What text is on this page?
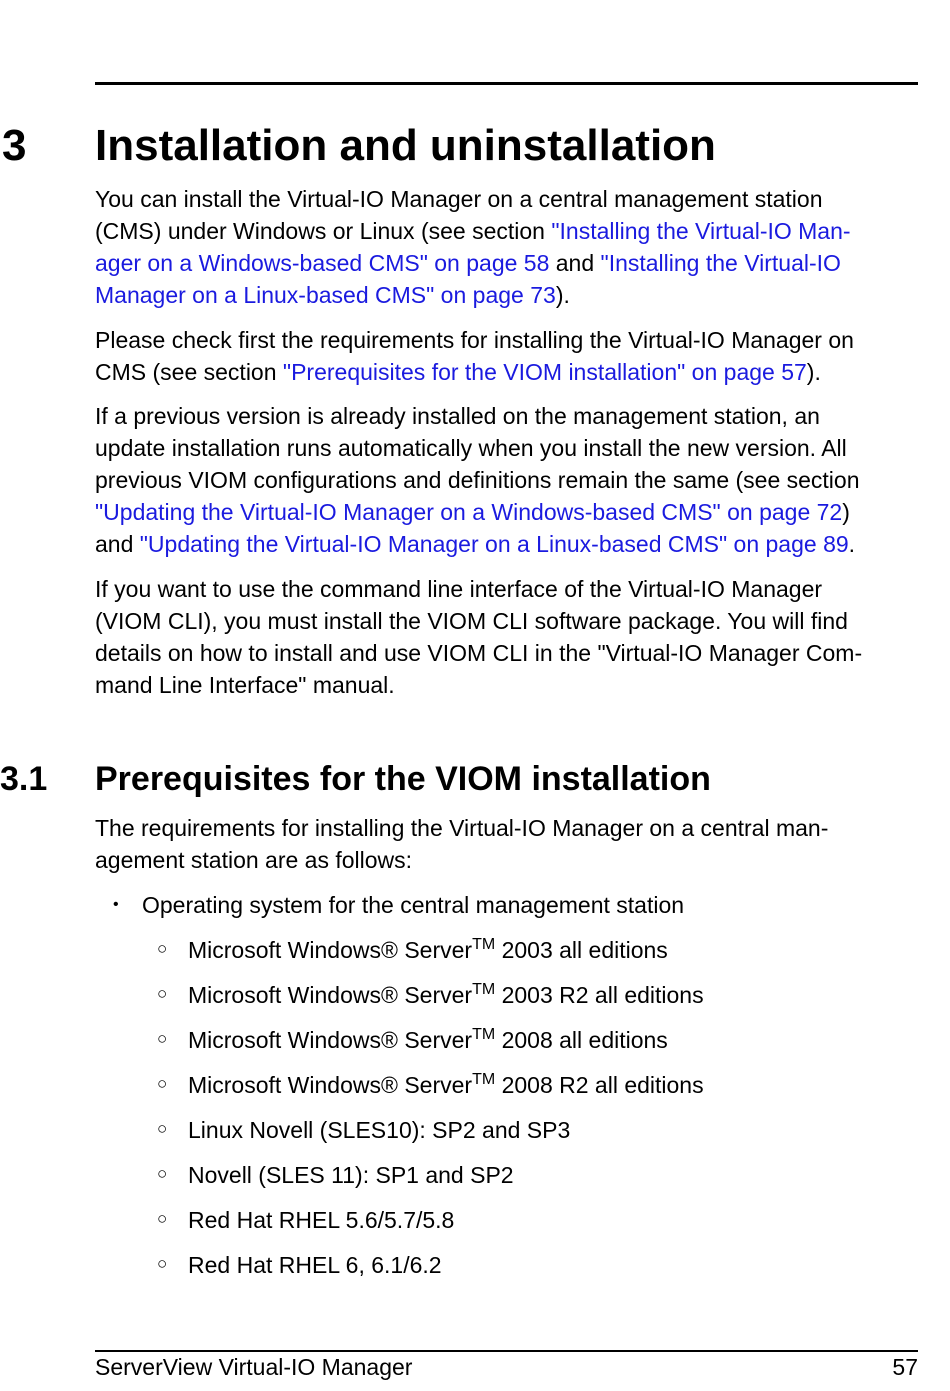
3 Installation and uninstallation

You can install the Virtual-IO Manager on a central management station
(CMS) under Windows or Linux (see section "Installing the Virtual-IO Man-
ager on a Windows-based CMS" on page 58 and "Installing the Virtual-IO
Manager on a Linux-based CMS" on page 73).

Please check first the requirements for installing the Virtual-IO Manager on
CMS (see section "Prerequisites for the VIOM installation" on page 57).

If a previous version is already installed on the management station, an
update installation runs automatically when you install the new version. All
previous VIOM configurations and definitions remain the same (see section
"Updating the Virtual-IO Manager on a Windows-based CMS" on page 72)
and "Updating the Virtual-IO Manager on a Linux-based CMS" on page 89.

If you want to use the command line interface of the Virtual-IO Manager
(VIOM CLI), you must install the VIOM CLI software package. You will find
details on how to install and use VIOM CLI in the "Virtual-IO Manager Com-
mand Line Interface" manual.

3.1 Prerequisites for the VIOM installation

The requirements for installing the Virtual-IO Manager on a central man-
agement station are as follows:

• Operating system for the central management station
○ Microsoft Windows® Server™ 2003 all editions
○ Microsoft Windows® Server™ 2003 R2 all editions
○ Microsoft Windows® Server™ 2008 all editions
○ Microsoft Windows® Server™ 2008 R2 all editions
○ Linux Novell (SLES10): SP2 and SP3
○ Novell (SLES 11): SP1 and SP2
○ Red Hat RHEL 5.6/5.7/5.8
○ Red Hat RHEL 6, 6.1/6.2
ServerView Virtual-IO Manager	57
